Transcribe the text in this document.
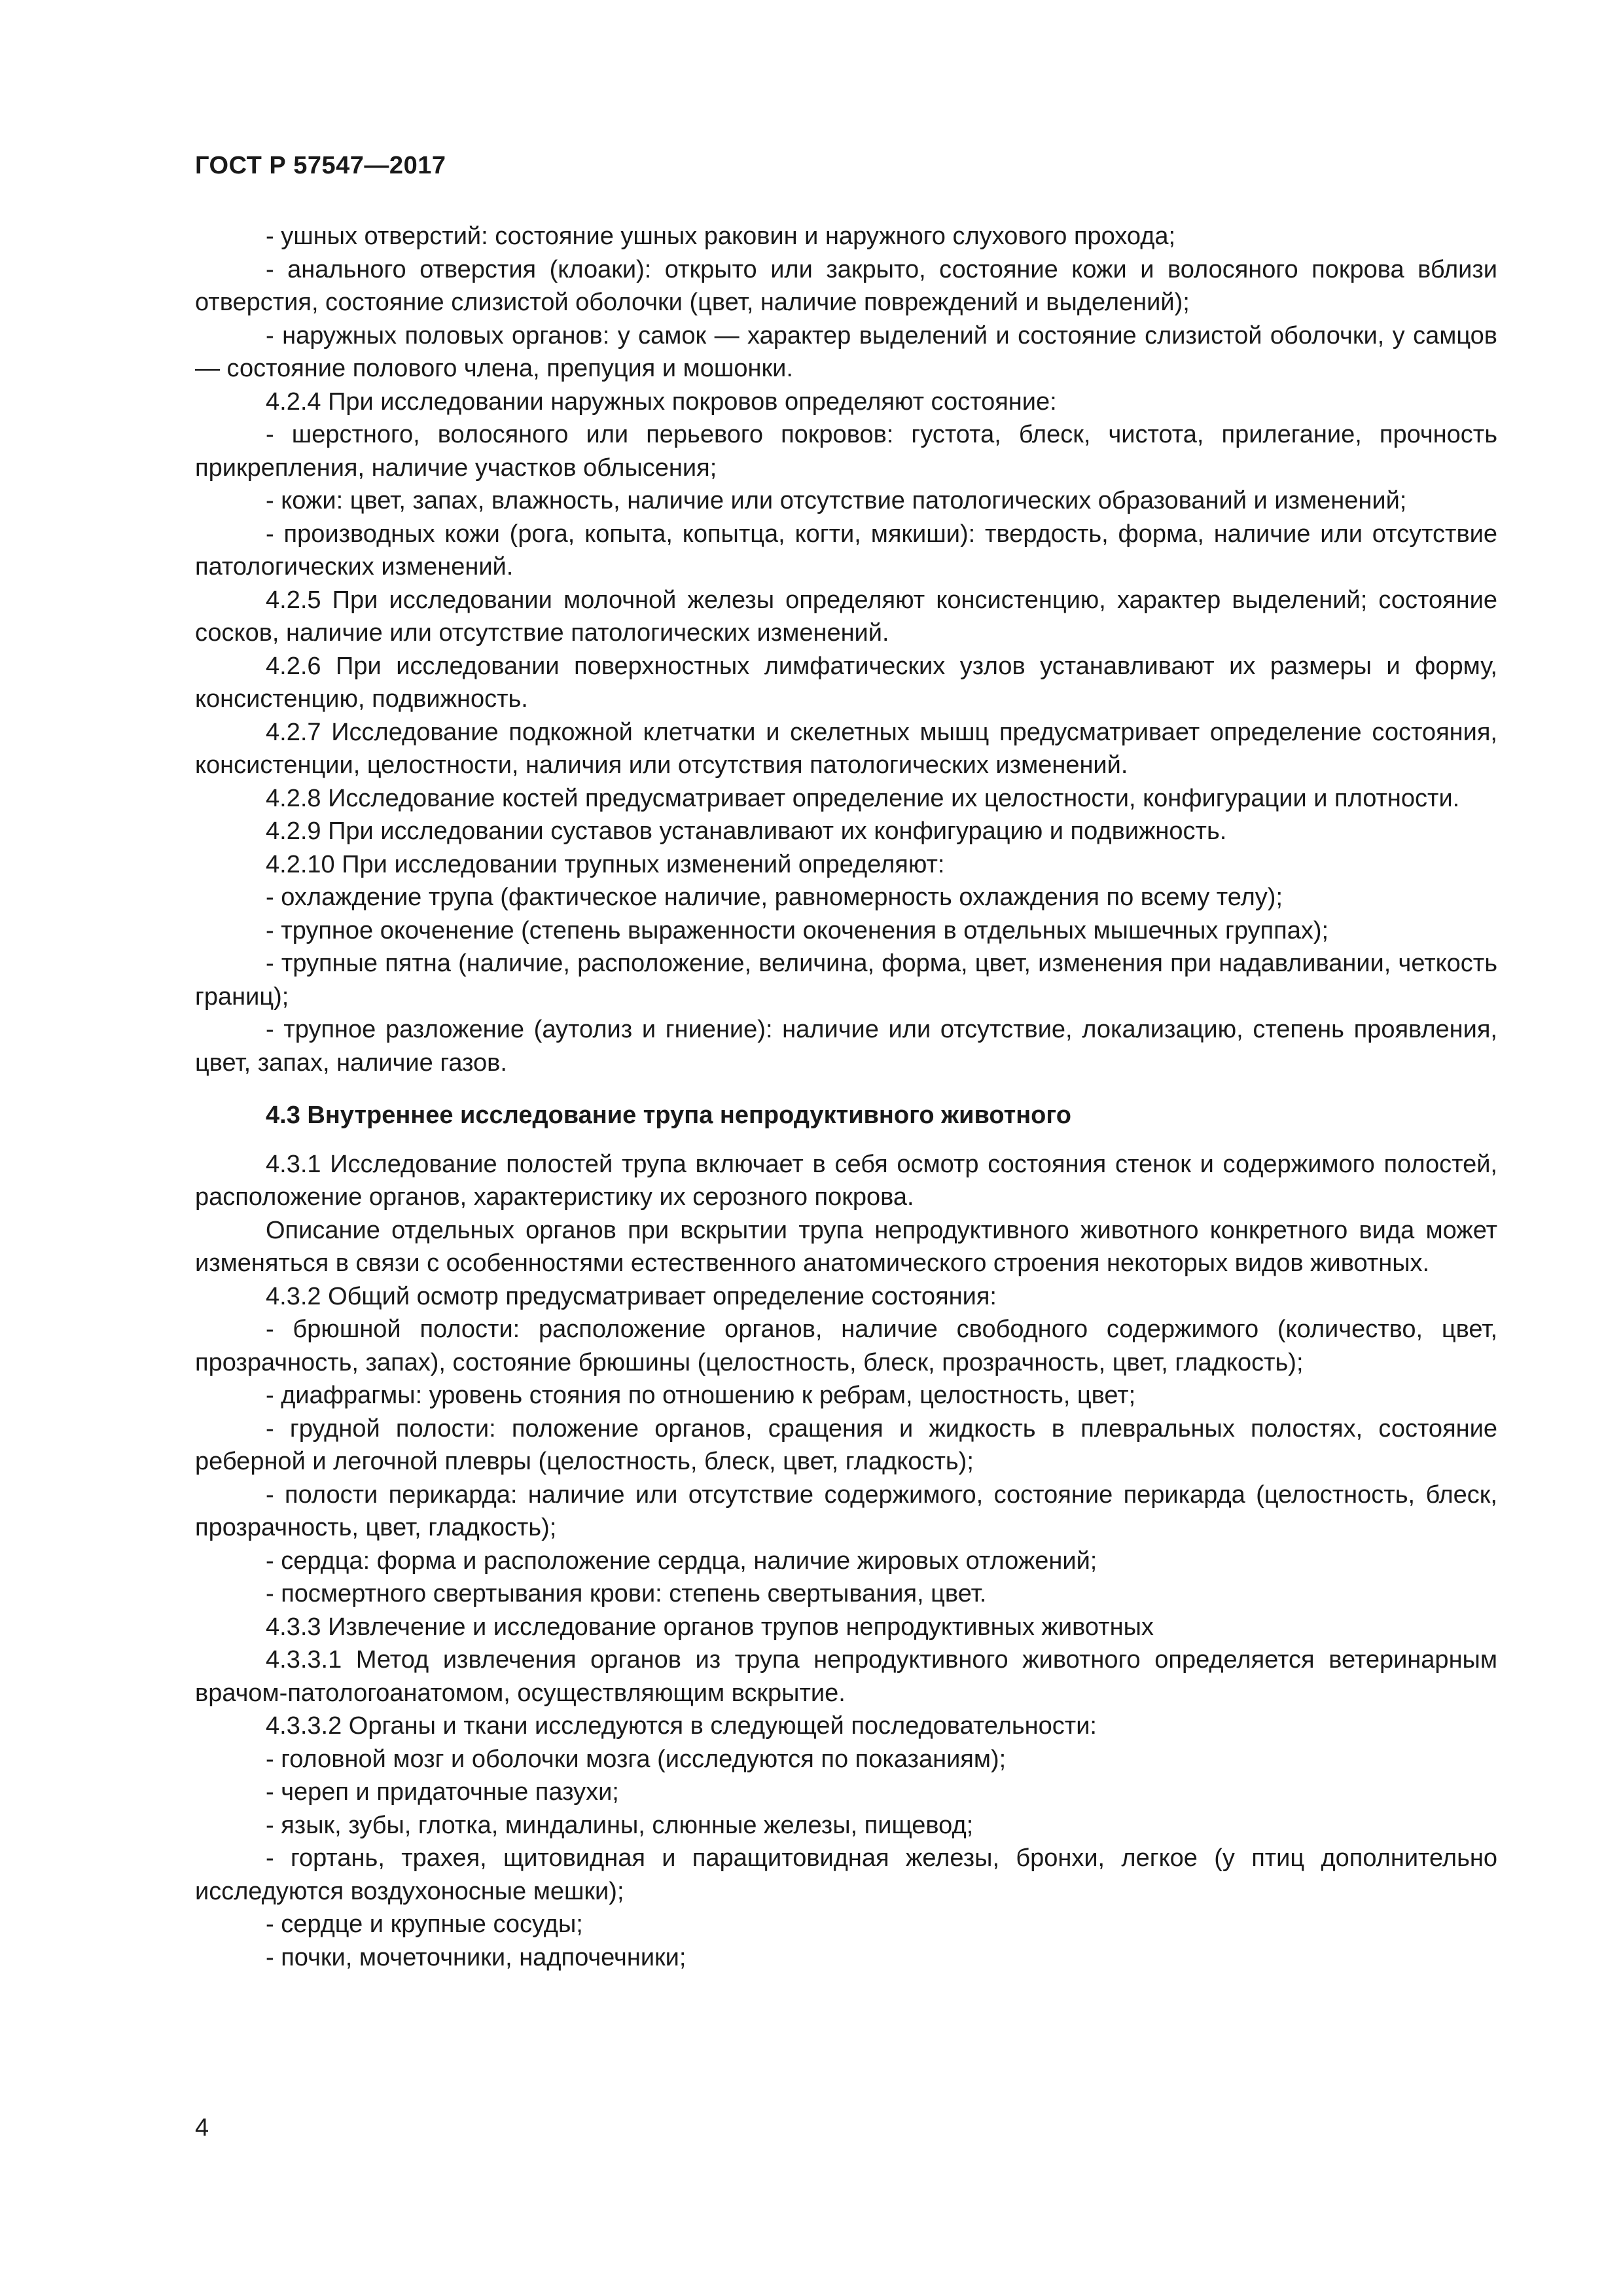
ГОСТ Р 57547—2017

- ушных отверстий: состояние ушных раковин и наружного слухового прохода;

- анального отверстия (клоаки): открыто или закрыто, состояние кожи и волосяного покрова вблизи отверстия, состояние слизистой оболочки (цвет, наличие повреждений и выделений);

- наружных половых органов: у самок — характер выделений и состояние слизистой оболочки, у самцов — состояние полового члена, препуция и мошонки.

4.2.4 При исследовании наружных покровов определяют состояние:

- шерстного, волосяного или перьевого покровов: густота, блеск, чистота, прилегание, прочность прикрепления, наличие участков облысения;

- кожи: цвет, запах, влажность, наличие или отсутствие патологических образований и изменений;

- производных кожи (рога, копыта, копытца, когти, мякиши): твердость, форма, наличие или отсутствие патологических изменений.

4.2.5 При исследовании молочной железы определяют консистенцию, характер выделений; состояние сосков, наличие или отсутствие патологических изменений.

4.2.6 При исследовании поверхностных лимфатических узлов устанавливают их размеры и форму, консистенцию, подвижность.

4.2.7 Исследование подкожной клетчатки и скелетных мышц предусматривает определение состояния, консистенции, целостности, наличия или отсутствия патологических изменений.

4.2.8 Исследование костей предусматривает определение их целостности, конфигурации и плотности.

4.2.9 При исследовании суставов устанавливают их конфигурацию и подвижность.

4.2.10 При исследовании трупных изменений определяют:

- охлаждение трупа (фактическое наличие, равномерность охлаждения по всему телу);

- трупное окоченение (степень выраженности окоченения в отдельных мышечных группах);

- трупные пятна (наличие, расположение, величина, форма, цвет, изменения при надавливании, четкость границ);

- трупное разложение (аутолиз и гниение): наличие или отсутствие, локализацию, степень проявления, цвет, запах, наличие газов.

4.3 Внутреннее исследование трупа непродуктивного животного

4.3.1 Исследование полостей трупа включает в себя осмотр состояния стенок и содержимого полостей, расположение органов, характеристику их серозного покрова.

Описание отдельных органов при вскрытии трупа непродуктивного животного конкретного вида может изменяться в связи с особенностями естественного анатомического строения некоторых видов животных.

4.3.2 Общий осмотр предусматривает определение состояния:

- брюшной полости: расположение органов, наличие свободного содержимого (количество, цвет, прозрачность, запах), состояние брюшины (целостность, блеск, прозрачность, цвет, гладкость);

- диафрагмы: уровень стояния по отношению к ребрам, целостность, цвет;

- грудной полости: положение органов, сращения и жидкость в плевральных полостях, состояние реберной и легочной плевры (целостность, блеск, цвет, гладкость);

- полости перикарда: наличие или отсутствие содержимого, состояние перикарда (целостность, блеск, прозрачность, цвет, гладкость);

- сердца: форма и расположение сердца, наличие жировых отложений;

- посмертного свертывания крови: степень свертывания, цвет.

4.3.3 Извлечение и исследование органов трупов непродуктивных животных

4.3.3.1 Метод извлечения органов из трупа непродуктивного животного определяется ветеринарным врачом-патологоанатомом, осуществляющим вскрытие.

4.3.3.2 Органы и ткани исследуются в следующей последовательности:

- головной мозг и оболочки мозга (исследуются по показаниям);

- череп и придаточные пазухи;

- язык, зубы, глотка, миндалины, слюнные железы, пищевод;

- гортань, трахея, щитовидная и паращитовидная железы, бронхи, легкое (у птиц дополнительно исследуются воздухоносные мешки);

- сердце и крупные сосуды;

- почки, мочеточники, надпочечники;

4
